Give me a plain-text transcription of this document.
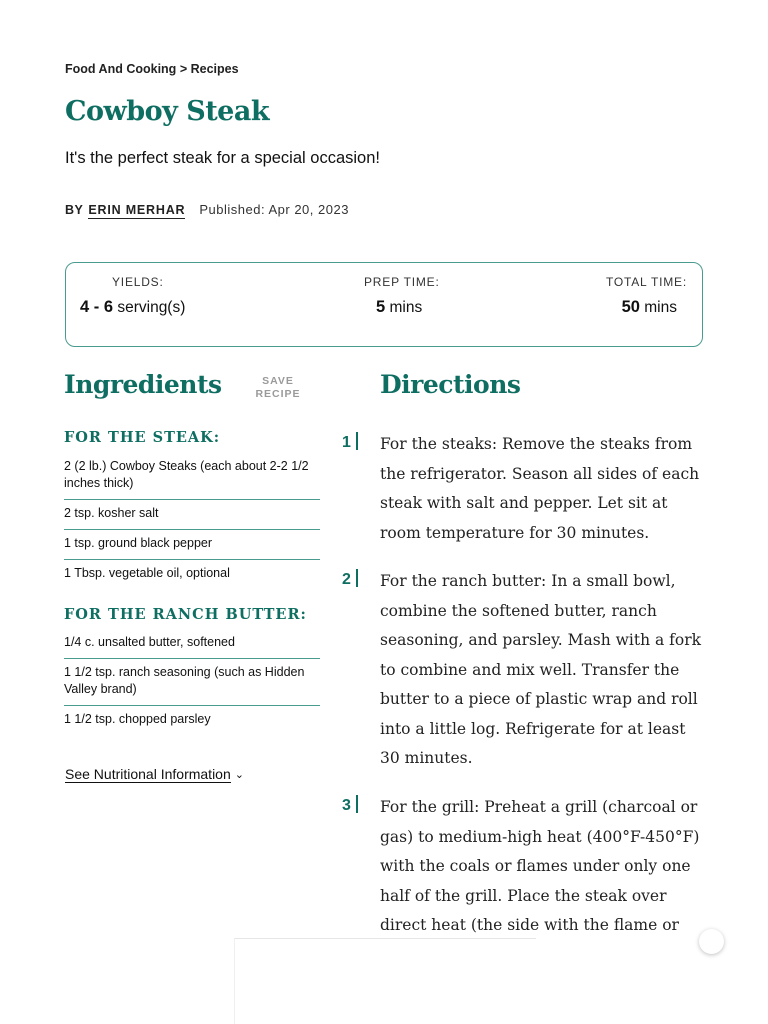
Food And Cooking > Recipes
Cowboy Steak

It's the perfect steak for a special occasion!

BY ERIN MERHAR Published: Apr 20, 2023
YIELDS:
4 - 6 serving(s)
PREP TIME:
5 mins
TOTAL TIME:
50 mins
Ingredients	SAVE
RECIPE
FOR THE STEAK:
2 (2 lb.) Cowboy Steaks (each about 2-2 1/2 inches thick)
2 tsp. kosher salt
1 tsp. ground black pepper
1 Tbsp. vegetable oil, optional
FOR THE RANCH BUTTER:
1/4 c. unsalted butter, softened
1 1/2 tsp. ranch seasoning (such as Hidden Valley brand)
1 1/2 tsp. chopped parsley
See Nutritional Information ⌄
Directions
1	For the steaks: Remove the steaks from the refrigerator. Season all sides of each steak with salt and pepper. Let sit at room temperature for 30 minutes.

2	For the ranch butter: In a small bowl, combine the softened butter, ranch seasoning, and parsley. Mash with a fork to combine and mix well. Transfer the butter to a piece of plastic wrap and roll into a little log. Refrigerate for at least 30 minutes.

3	For the grill: Preheat a grill (charcoal or gas) to medium-high heat (400°F-450°F) with the coals or flames under only one half of the grill. Place the steak over direct heat (the side with the flame or
